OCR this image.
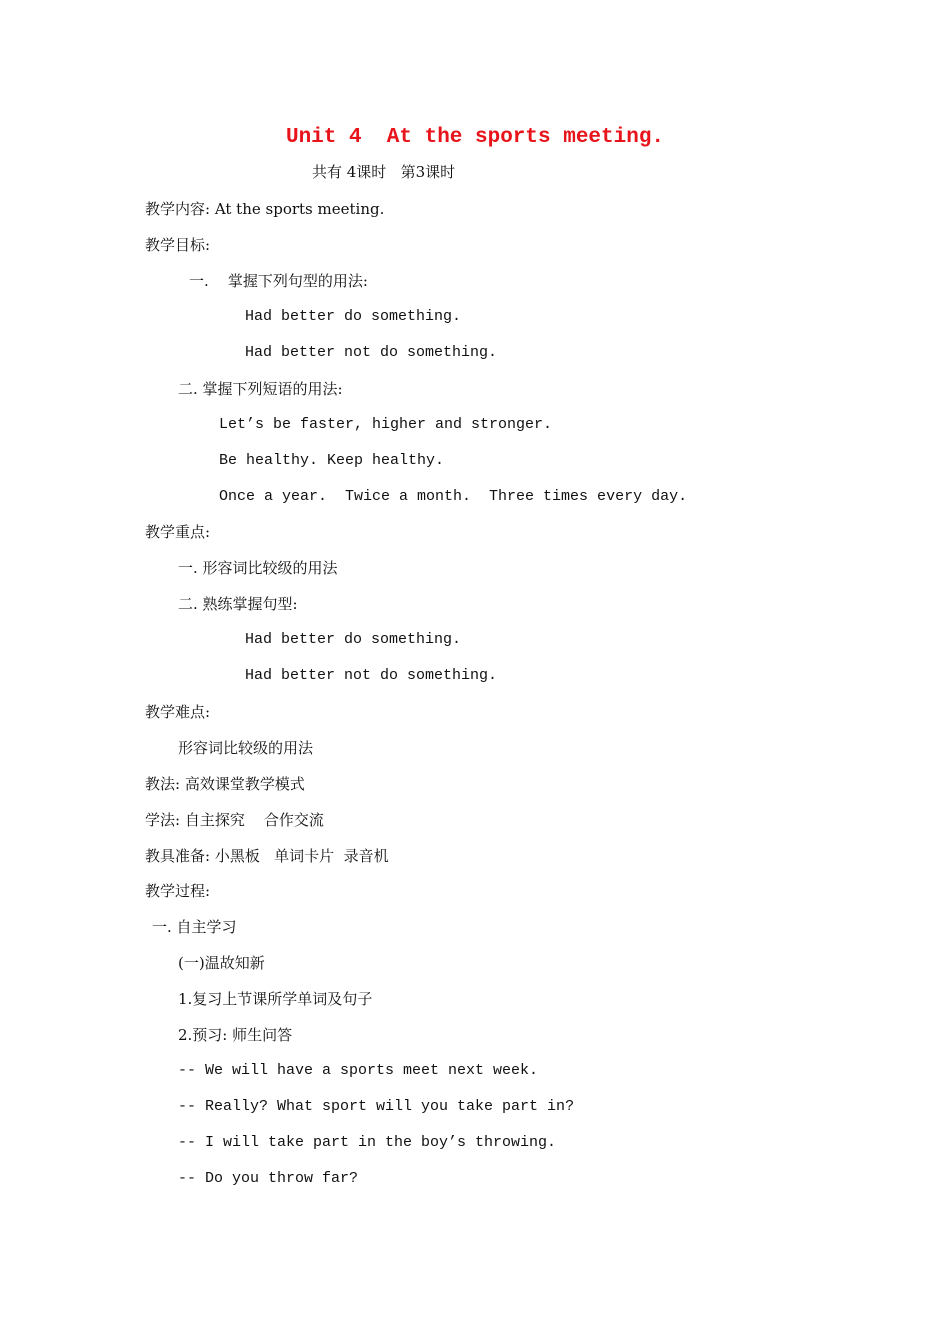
Unit 4  At the sports meeting.
共有 4课时   第3课时
教学内容: At the sports meeting.
教学目标:
一.    掌握下列句型的用法:
Had better do something.
Had better not do something.
二. 掌握下列短语的用法:
Let’s be faster, higher and stronger.
Be healthy. Keep healthy.
Once a year.  Twice a month.  Three times every day.
教学重点:
一. 形容词比较级的用法
二. 熟练掌握句型:
Had better do something.
Had better not do something.
教学难点:
形容词比较级的用法
教法: 高效课堂教学模式
学法: 自主探究    合作交流
教具准备: 小黑板   单词卡片  录音机
教学过程:
一. 自主学习
(一)温故知新
1.复习上节课所学单词及句子
2.预习: 师生问答
-- We will have a sports meet next week.
-- Really? What sport will you take part in?
-- I will take part in the boy’s throwing.
-- Do you throw far?
